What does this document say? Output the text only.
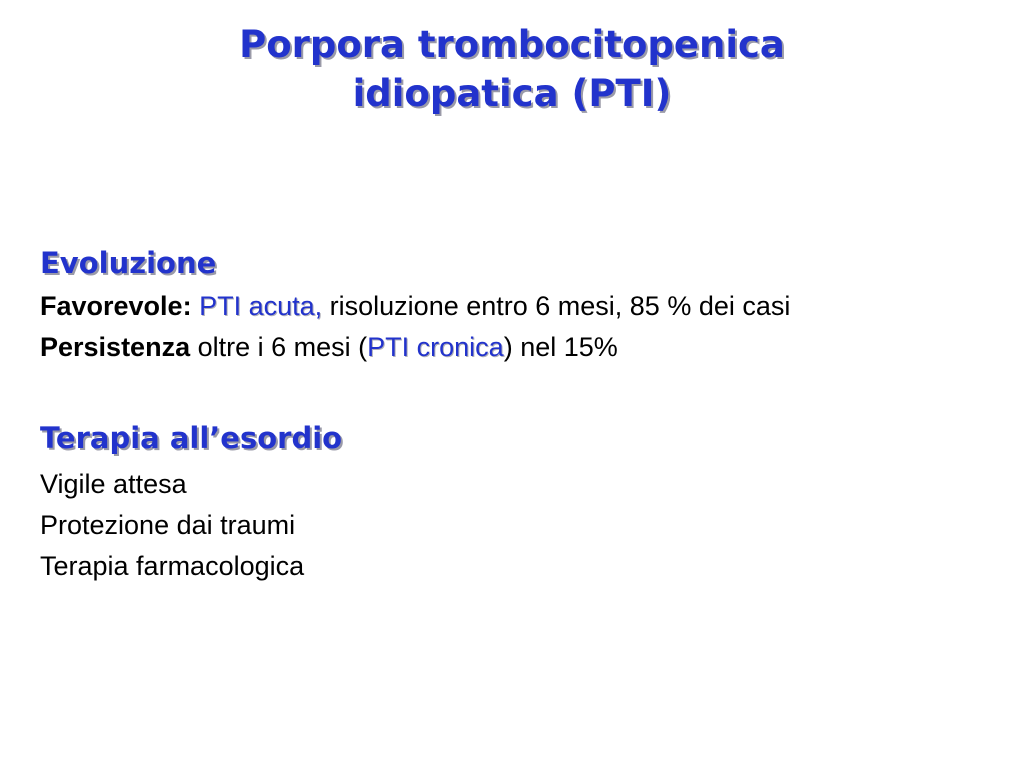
Porpora trombocitopenica
idiopatica (PTI)
Evoluzione
Favorevole: PTI acuta, risoluzione entro 6 mesi, 85 % dei casi
Persistenza oltre i 6 mesi (PTI cronica) nel 15%
Terapia all’esordio
Vigile attesa
Protezione dai traumi
Terapia farmacologica
